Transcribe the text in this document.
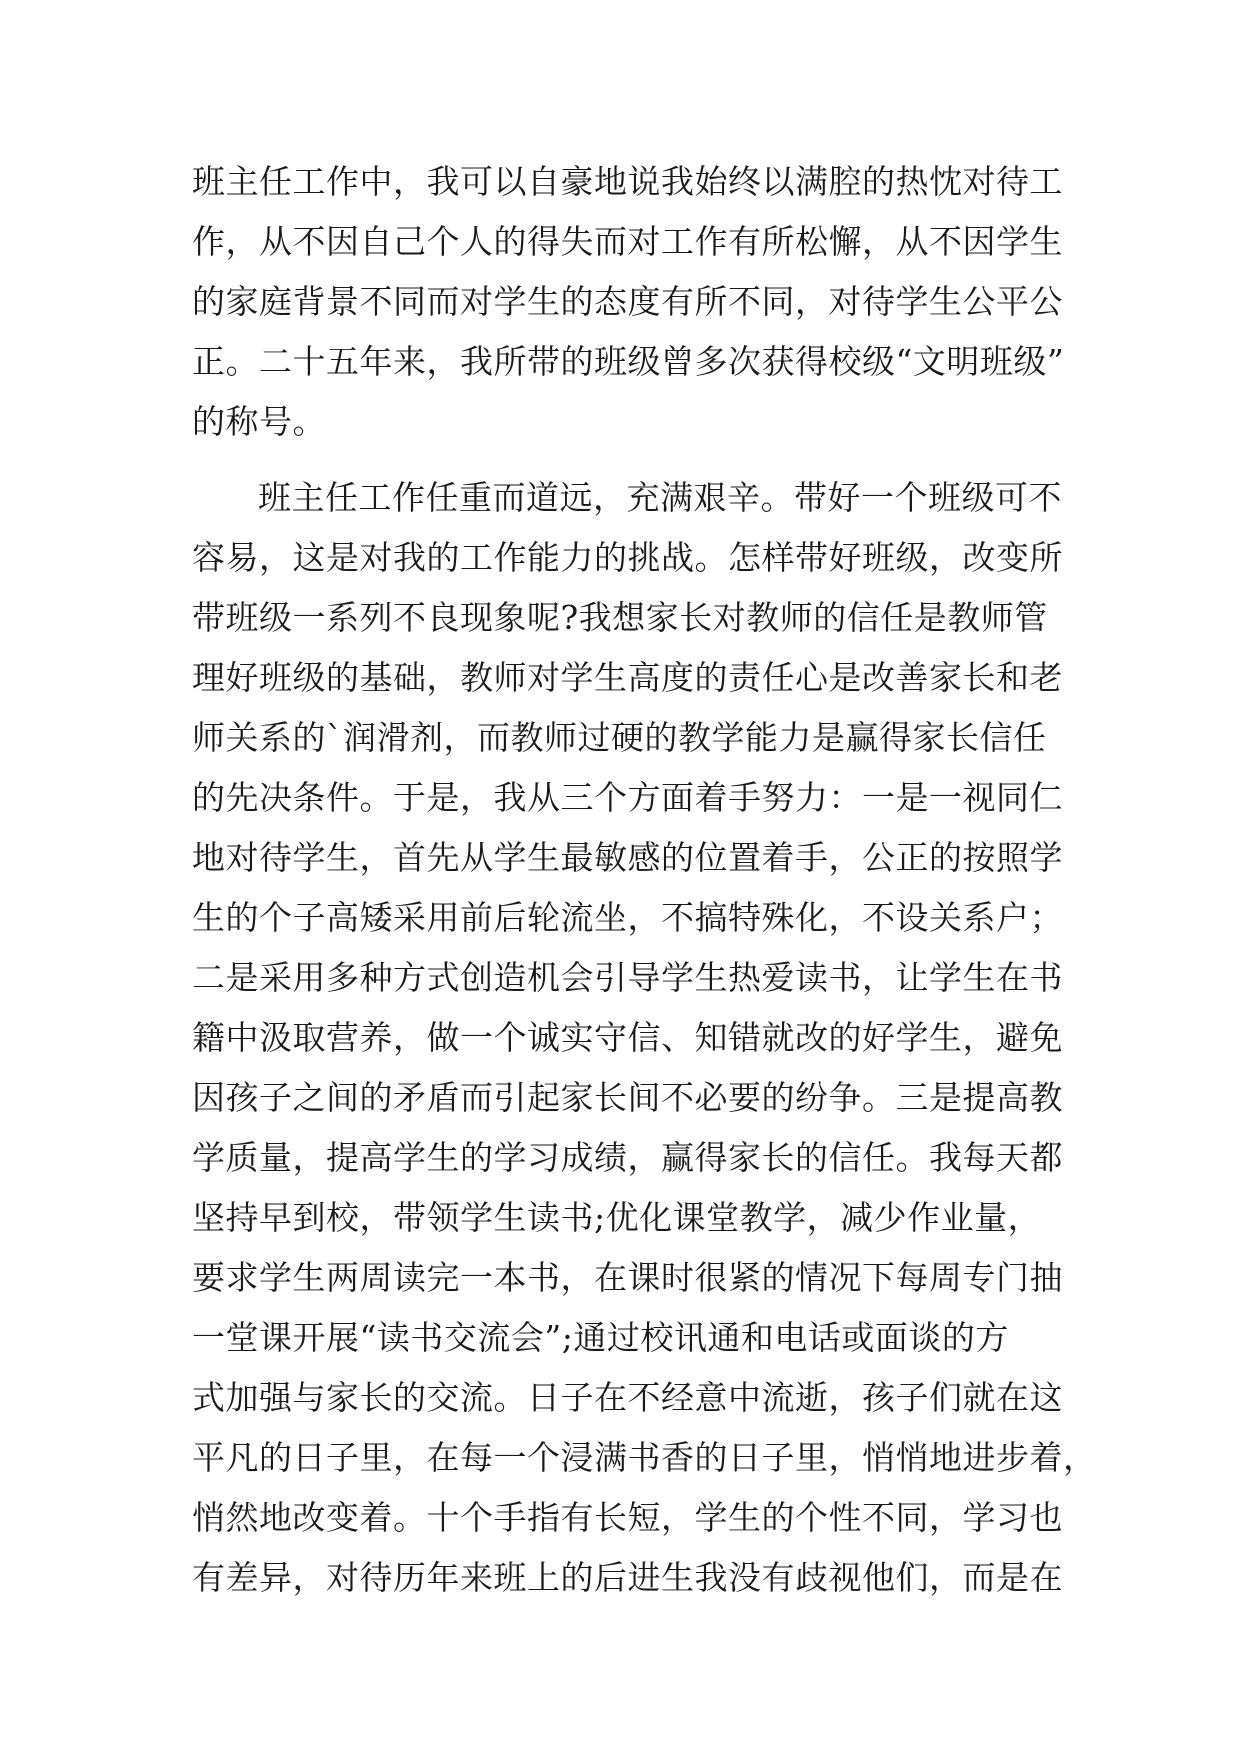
班主任工作中，我可以自豪地说我始终以满腔的热忱对待工
作，从不因自己个人的得失而对工作有所松懈，从不因学生
的家庭背景不同而对学生的态度有所不同，对待学生公平公
正。二十五年来，我所带的班级曾多次获得校级“文明班级”
的称号。
班主任工作任重而道远，充满艰辛。带好一个班级可不
容易，这是对我的工作能力的挑战。怎样带好班级，改变所
带班级一系列不良现象呢?我想家长对教师的信任是教师管
理好班级的基础，教师对学生高度的责任心是改善家长和老
师关系的`润滑剂，而教师过硬的教学能力是赢得家长信任
的先决条件。于是，我从三个方面着手努力：一是一视同仁
地对待学生，首先从学生最敏感的位置着手，公正的按照学
生的个子高矮采用前后轮流坐，不搞特殊化，不设关系户；
二是采用多种方式创造机会引导学生热爱读书，让学生在书
籍中汲取营养，做一个诚实守信、知错就改的好学生，避免
因孩子之间的矛盾而引起家长间不必要的纷争。三是提高教
学质量，提高学生的学习成绩，赢得家长的信任。我每天都
坚持早到校，带领学生读书;优化课堂教学，减少作业量，
要求学生两周读完一本书，在课时很紧的情况下每周专门抽
一堂课开展“读书交流会”;通过校讯通和电话或面谈的方
式加强与家长的交流。日子在不经意中流逝，孩子们就在这
平凡的日子里，在每一个浸满书香的日子里，悄悄地进步着，
悄然地改变着。十个手指有长短，学生的个性不同，学习也
有差异，对待历年来班上的后进生我没有歧视他们，而是在
